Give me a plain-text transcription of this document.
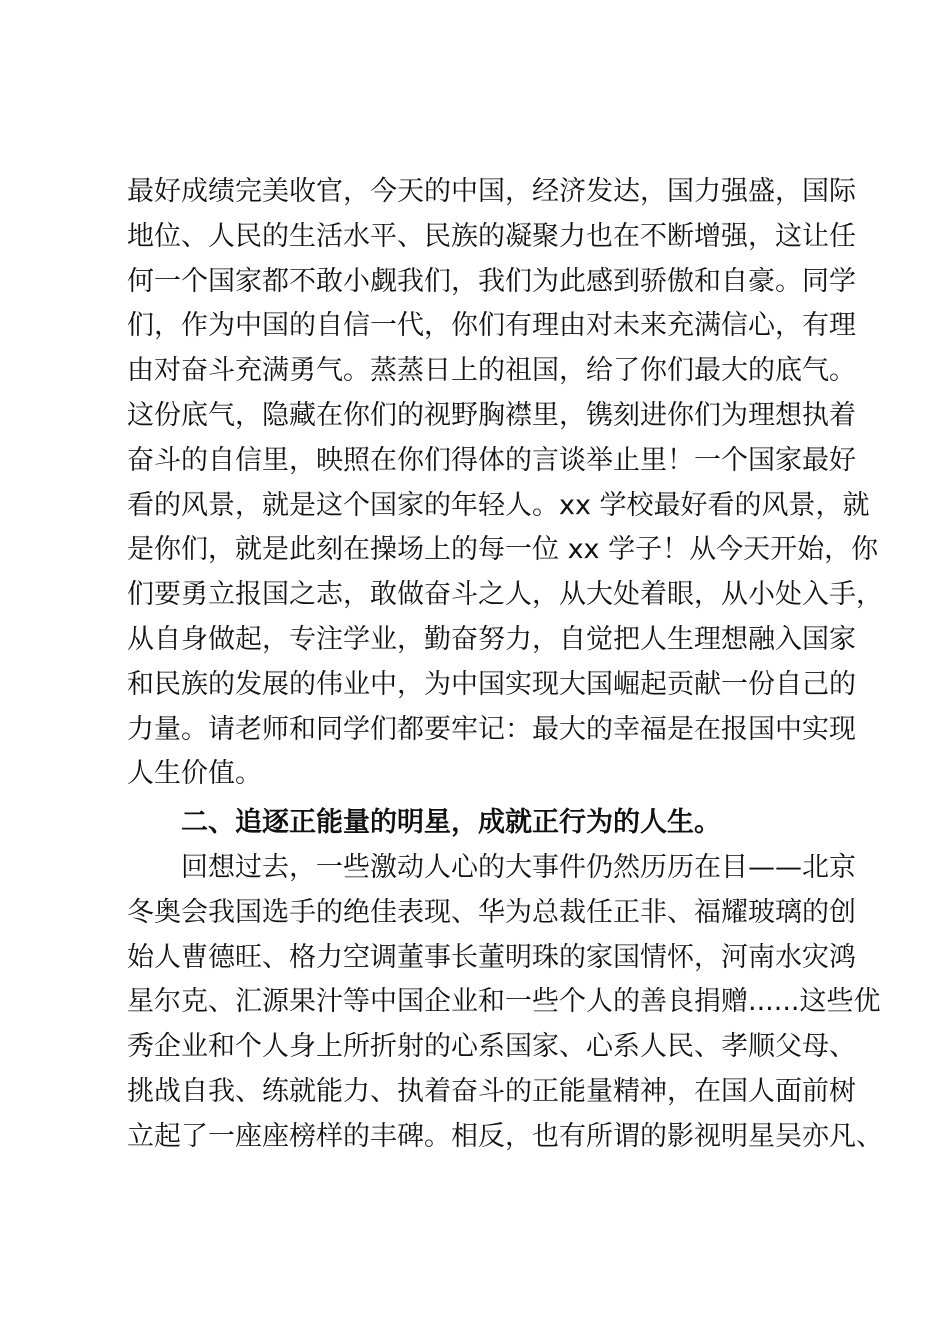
最好成绩完美收官，今天的中国，经济发达，国力强盛，国际
地位、人民的生活水平、民族的凝聚力也在不断增强，这让任
何一个国家都不敢小觑我们，我们为此感到骄傲和自豪。同学
们，作为中国的自信一代，你们有理由对未来充满信心，有理
由对奋斗充满勇气。蒸蒸日上的祖国，给了你们最大的底气。
这份底气，隐藏在你们的视野胸襟里，镌刻进你们为理想执着
奋斗的自信里，映照在你们得体的言谈举止里！一个国家最好
看的风景，就是这个国家的年轻人。xx 学校最好看的风景，就
是你们，就是此刻在操场上的每一位 xx 学子！从今天开始，你
们要勇立报国之志，敢做奋斗之人，从大处着眼，从小处入手，
从自身做起，专注学业，勤奋努力，自觉把人生理想融入国家
和民族的发展的伟业中，为中国实现大国崛起贡献一份自己的
力量。请老师和同学们都要牢记：最大的幸福是在报国中实现
人生价值。
二、追逐正能量的明星，成就正行为的人生。
回想过去，一些激动人心的大事件仍然历历在目——北京
冬奥会我国选手的绝佳表现、华为总裁任正非、福耀玻璃的创
始人曹德旺、格力空调董事长董明珠的家国情怀，河南水灾鸿
星尔克、汇源果汁等中国企业和一些个人的善良捐赠......这些优
秀企业和个人身上所折射的心系国家、心系人民、孝顺父母、
挑战自我、练就能力、执着奋斗的正能量精神，在国人面前树
立起了一座座榜样的丰碑。相反，也有所谓的影视明星吴亦凡、
